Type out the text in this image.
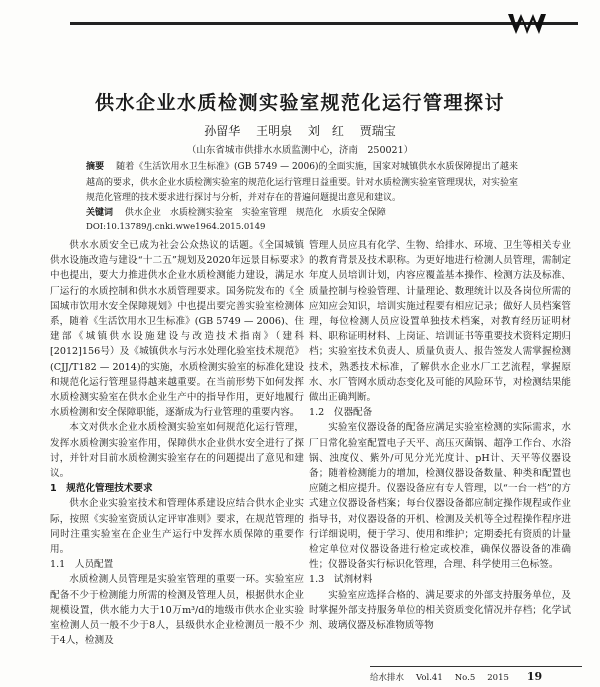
供水企业水质检测实验室规范化运行管理探讨
孙留华 王明泉 刘　红 贾瑞宝
（山东省城市供排水水质监测中心，济南　250021）
摘要　 随着《生活饮用水卫生标准》(GB 5749 — 2006)的全面实施，国家对城镇供水水质保障提出了越来越高的要求，供水企业水质检测实验室的规范化运行管理日益重要。针对水质检测实验室管理现状，对实验室规范化管理的技术要求进行探讨与分析，并对存在的普遍问题提出意见和建议。
关键词　 供水企业　水质检测实验室　实验室管理　规范化　水质安全保障
DOI:10.13789/j.cnki.wwe1964.2015.0149

供水水质安全已成为社会公众热议的话题。《全国城镇供水设施改造与建设“十二五”规划及2020年远景目标要求》中也提出，要大力推进供水企业水质检测能力建设，满足水厂运行的水质控制和供水水质管理要求。国务院发布的《全国城市饮用水安全保障规划》中也提出要完善实验室检测体系，随着《生活饮用水卫生标准》(GB 5749 — 2006)、住建部《城镇供水设施建设与改造技术指南》（建科[2012]156号）及《城镇供水与污水处理化验室技术规范》(CJJ/T182 — 2014)的实施，水质检测实验室的标准化建设和规范化运行管理显得越来越重要。在当前形势下如何发挥水质检测实验室在供水企业生产中的指导作用，更好地履行水质检测和安全保障职能，逐渐成为行业管理的重要内容。

本文对供水企业水质检测实验室如何规范化运行管理，发挥水质检测实验室作用，保障供水企业供水安全进行了探讨，并针对目前水质检测实验室存在的问题提出了意见和建议。

1　规范化管理技术要求

供水企业实验室技术和管理体系建设应结合供水企业实际，按照《实验室资质认定评审准则》要求，在规范管理的同时注重实验室在企业生产运行中发挥水质保障的重要作用。

1.1　人员配置

水质检测人员管理是实验室管理的重要一环。实验室应配备不少于检测能力所需的检测及管理人员，根据供水企业规模设置，供水能力大于10万m³/d的地级市供水企业实验室检测人员一般不少于8人，县级供水企业检测员一般不少于4人，检测及

管理人员应具有化学、生物、给排水、环境、卫生等相关专业的教育背景及技术职称。为更好地进行检测人员管理，需制定年度人员培训计划，内容应覆盖基本操作、检测方法及标准、质量控制与检验管理、计量理论、数理统计以及各岗位所需的应知应会知识，培训实施过程要有相应记录；做好人员档案管理，每位检测人员应设置单独技术档案，对教育经历证明材料、职称证明材料、上岗证、培训证书等重要技术资料定期归档；实验室技术负责人、质量负责人、报告签发人需掌握检测技术，熟悉技术标准，了解供水企业水厂工艺流程，掌握原水、水厂管网水质动态变化及可能的风险环节，对检测结果能做出正确判断。

1.2　仪器配备

实验室仪器设备的配备应满足实验室检测的实际需求，水厂日常化验室配置电子天平、高压灭菌锅、超净工作台、水浴锅、浊度仪、紫外/可见分光光度计、pH计、天平等仪器设备；随着检测能力的增加，检测仪器设备数量、种类和配置也应随之相应提升。仪器设备应有专人管理，以“一台一档”的方式建立仪器设备档案；每台仪器设备都应制定操作规程或作业指导书，对仪器设备的开机、检测及关机等全过程操作程序进行详细说明，便于学习、使用和维护；定期委托有资质的计量检定单位对仪器设备进行检定或校准，确保仪器设备的准确性；仪器设备实行标识化管理，合理、科学使用三色标签。

1.3　试剂材料

实验室应选择合格的、满足要求的外部支持服务单位，及时掌握外部支持服务单位的相关资质变化情况并存档；化学试剂、玻璃仪器及标准物质等物

给水排水 Vol.41 No.5 2015 19
